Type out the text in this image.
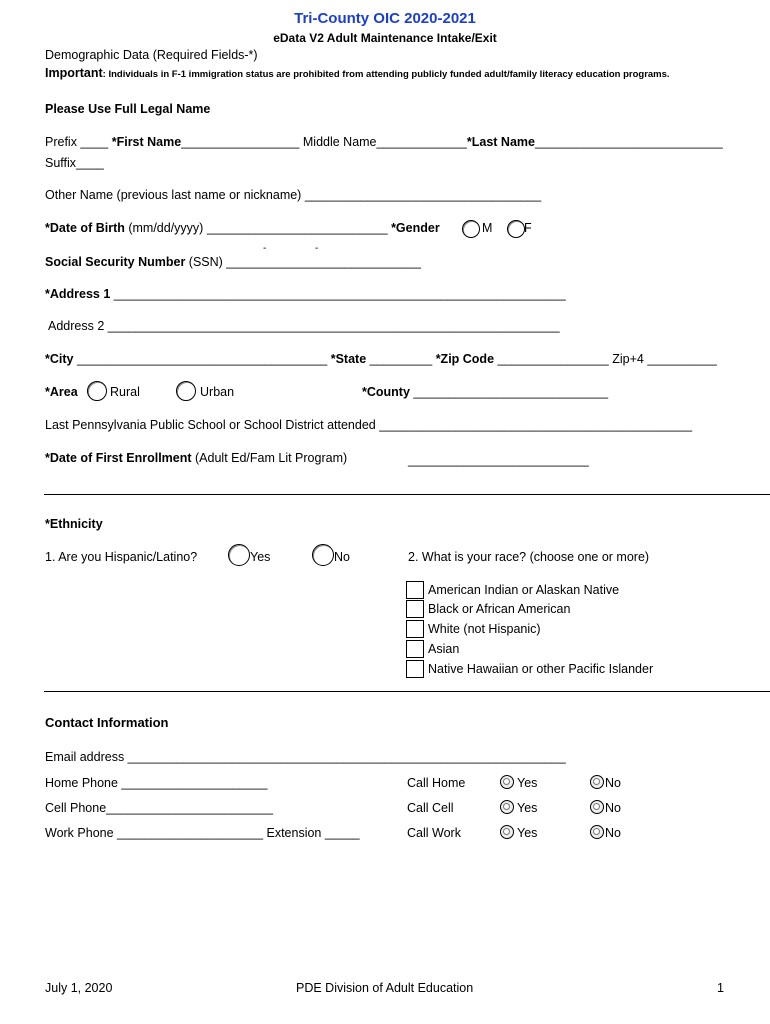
Tri-County OIC 2020-2021
eData V2 Adult Maintenance Intake/Exit
Demographic Data (Required Fields-*)
Important: Individuals in F-1 immigration status are prohibited from attending publicly funded adult/family literacy education programs.
Please Use Full Legal Name
Prefix ____ *First Name_________________ Middle Name_____________*Last Name___________________________
Suffix____
Other Name (previous last name or nickname) __________________________________
*Date of Birth (mm/dd/yyyy) __________________________ *Gender	M	F
-	-
Social Security Number (SSN) ____________________________
*Address 1 _________________________________________________________________
Address 2 _________________________________________________________________
*City ____________________________________ *State _________ *Zip Code ________________ Zip+4 __________
*Area	Rural	Urban	*County ____________________________
Last Pennsylvania Public School or School District attended _____________________________________________
*Date of First Enrollment (Adult Ed/Fam Lit Program)	__________________________
*Ethnicity
1. Are you Hispanic/Latino?	Yes	No	2. What is your race? (choose one or more)
American Indian or Alaskan Native
Black or African American
White (not Hispanic)
Asian
Native Hawaiian or other Pacific Islander
Contact Information
Email address _______________________________________________________________
Home Phone _____________________	Call Home	Yes	No
Cell Phone________________________	Call Cell	Yes	No
Work Phone _____________________ Extension _____	Call Work	Yes	No
July 1, 2020	PDE Division of Adult Education	1
